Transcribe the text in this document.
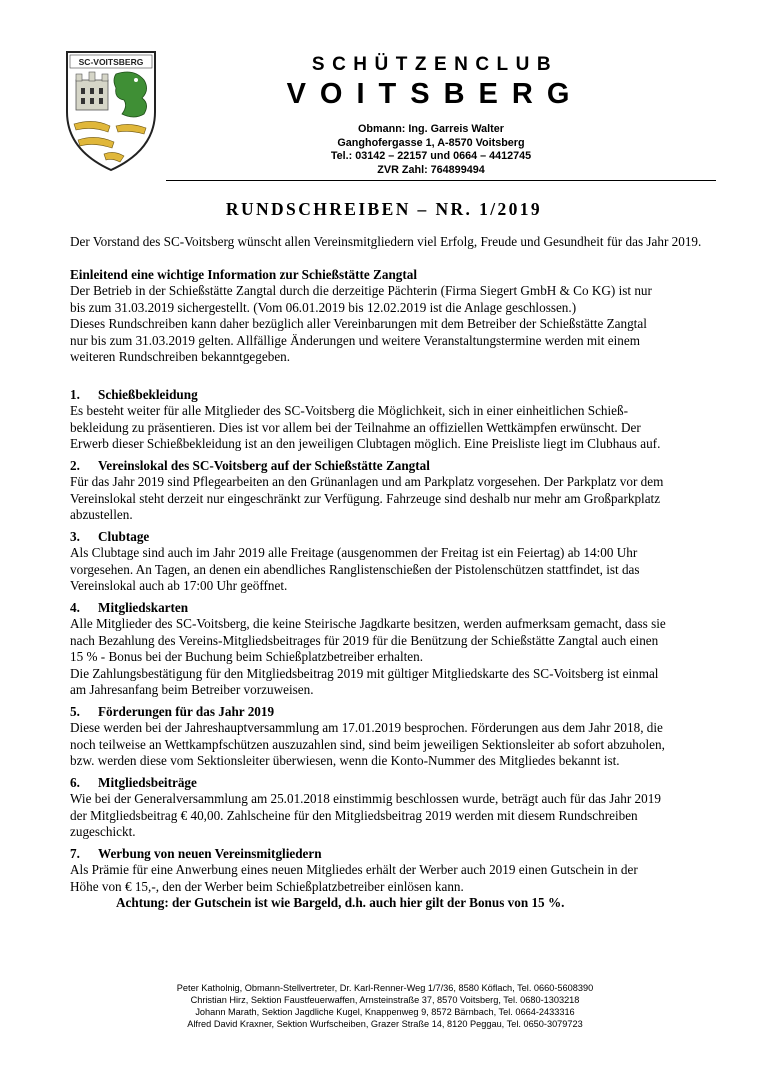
SC-VOITSBERG	SCHÜTZENCLUB
VOITSBERG
Obmann: Ing. Garreis Walter
Ganghofergasse 1, A-8570 Voitsberg
Tel.: 03142 – 22157 und 0664 – 4412745
ZVR Zahl: 764899494
RUNDSCHREIBEN – NR. 1/2019

Der Vorstand des SC-Voitsberg wünscht allen Vereinsmitgliedern viel Erfolg, Freude und Gesundheit für das Jahr 2019.

Einleitend eine wichtige Information zur Schießstätte Zangtal

Der Betrieb in der Schießstätte Zangtal durch die derzeitige Pächterin (Firma Siegert GmbH & Co KG) ist nur

bis zum 31.03.2019 sichergestellt. (Vom 06.01.2019 bis 12.02.2019 ist die Anlage geschlossen.)

Dieses Rundschreiben kann daher bezüglich aller Vereinbarungen mit dem Betreiber der Schießstätte Zangtal

nur bis zum 31.03.2019 gelten. Allfällige Änderungen und weitere Veranstaltungstermine werden mit einem

weiteren Rundschreiben bekanntgegeben.

1. Schießbekleidung

Es besteht weiter für alle Mitglieder des SC-Voitsberg die Möglichkeit, sich in einer einheitlichen Schieß-

bekleidung zu präsentieren. Dies ist vor allem bei der Teilnahme an offiziellen Wettkämpfen erwünscht. Der

Erwerb dieser Schießbekleidung ist an den jeweiligen Clubtagen möglich. Eine Preisliste liegt im Clubhaus auf.

2. Vereinslokal des SC-Voitsberg auf der Schießstätte Zangtal

Für das Jahr 2019 sind Pflegearbeiten an den Grünanlagen und am Parkplatz vorgesehen. Der Parkplatz vor dem

Vereinslokal steht derzeit nur eingeschränkt zur Verfügung. Fahrzeuge sind deshalb nur mehr am Großparkplatz

abzustellen.

3. Clubtage

Als Clubtage sind auch im Jahr 2019 alle Freitage (ausgenommen der Freitag ist ein Feiertag) ab 14:00 Uhr

vorgesehen. An Tagen, an denen ein abendliches Ranglistenschießen der Pistolenschützen stattfindet, ist das

Vereinslokal auch ab 17:00 Uhr geöffnet.

4. Mitgliedskarten

Alle Mitglieder des SC-Voitsberg, die keine Steirische Jagdkarte besitzen, werden aufmerksam gemacht, dass sie

nach Bezahlung des Vereins-Mitgliedsbeitrages für 2019 für die Benützung der Schießstätte Zangtal auch einen

15 % - Bonus bei der Buchung beim Schießplatzbetreiber erhalten.

Die Zahlungsbestätigung für den Mitgliedsbeitrag 2019 mit gültiger Mitgliedskarte des SC-Voitsberg ist einmal

am Jahresanfang beim Betreiber vorzuweisen.

5. Förderungen für das Jahr 2019

Diese werden bei der Jahreshauptversammlung am 17.01.2019 besprochen. Förderungen aus dem Jahr 2018, die

noch teilweise an Wettkampfschützen auszuzahlen sind, sind beim jeweiligen Sektionsleiter ab sofort abzuholen,

bzw. werden diese vom Sektionsleiter überwiesen, wenn die Konto-Nummer des Mitgliedes bekannt ist.

6. Mitgliedsbeiträge

Wie bei der Generalversammlung am 25.01.2018 einstimmig beschlossen wurde, beträgt auch für das Jahr 2019

der Mitgliedsbeitrag € 40,00. Zahlscheine für den Mitgliedsbeitrag 2019 werden mit diesem Rundschreiben

zugeschickt.

7. Werbung von neuen Vereinsmitgliedern

Als Prämie für eine Anwerbung eines neuen Mitgliedes erhält der Werber auch 2019 einen Gutschein in der

Höhe von € 15,-, den der Werber beim Schießplatzbetreiber einlösen kann.

Achtung: der Gutschein ist wie Bargeld, d.h. auch hier gilt der Bonus von 15 %.

Peter Katholnig, Obmann-Stellvertreter, Dr. Karl-Renner-Weg 1/7/36, 8580 Köflach, Tel. 0660-5608390
Christian Hirz, Sektion Faustfeuerwaffen, Arnsteinstraße 37, 8570 Voitsberg, Tel. 0680-1303218
Johann Marath, Sektion Jagdliche Kugel, Knappenweg 9, 8572 Bärnbach, Tel. 0664-2433316
Alfred David Kraxner, Sektion Wurfscheiben, Grazer Straße 14, 8120 Peggau, Tel. 0650-3079723
